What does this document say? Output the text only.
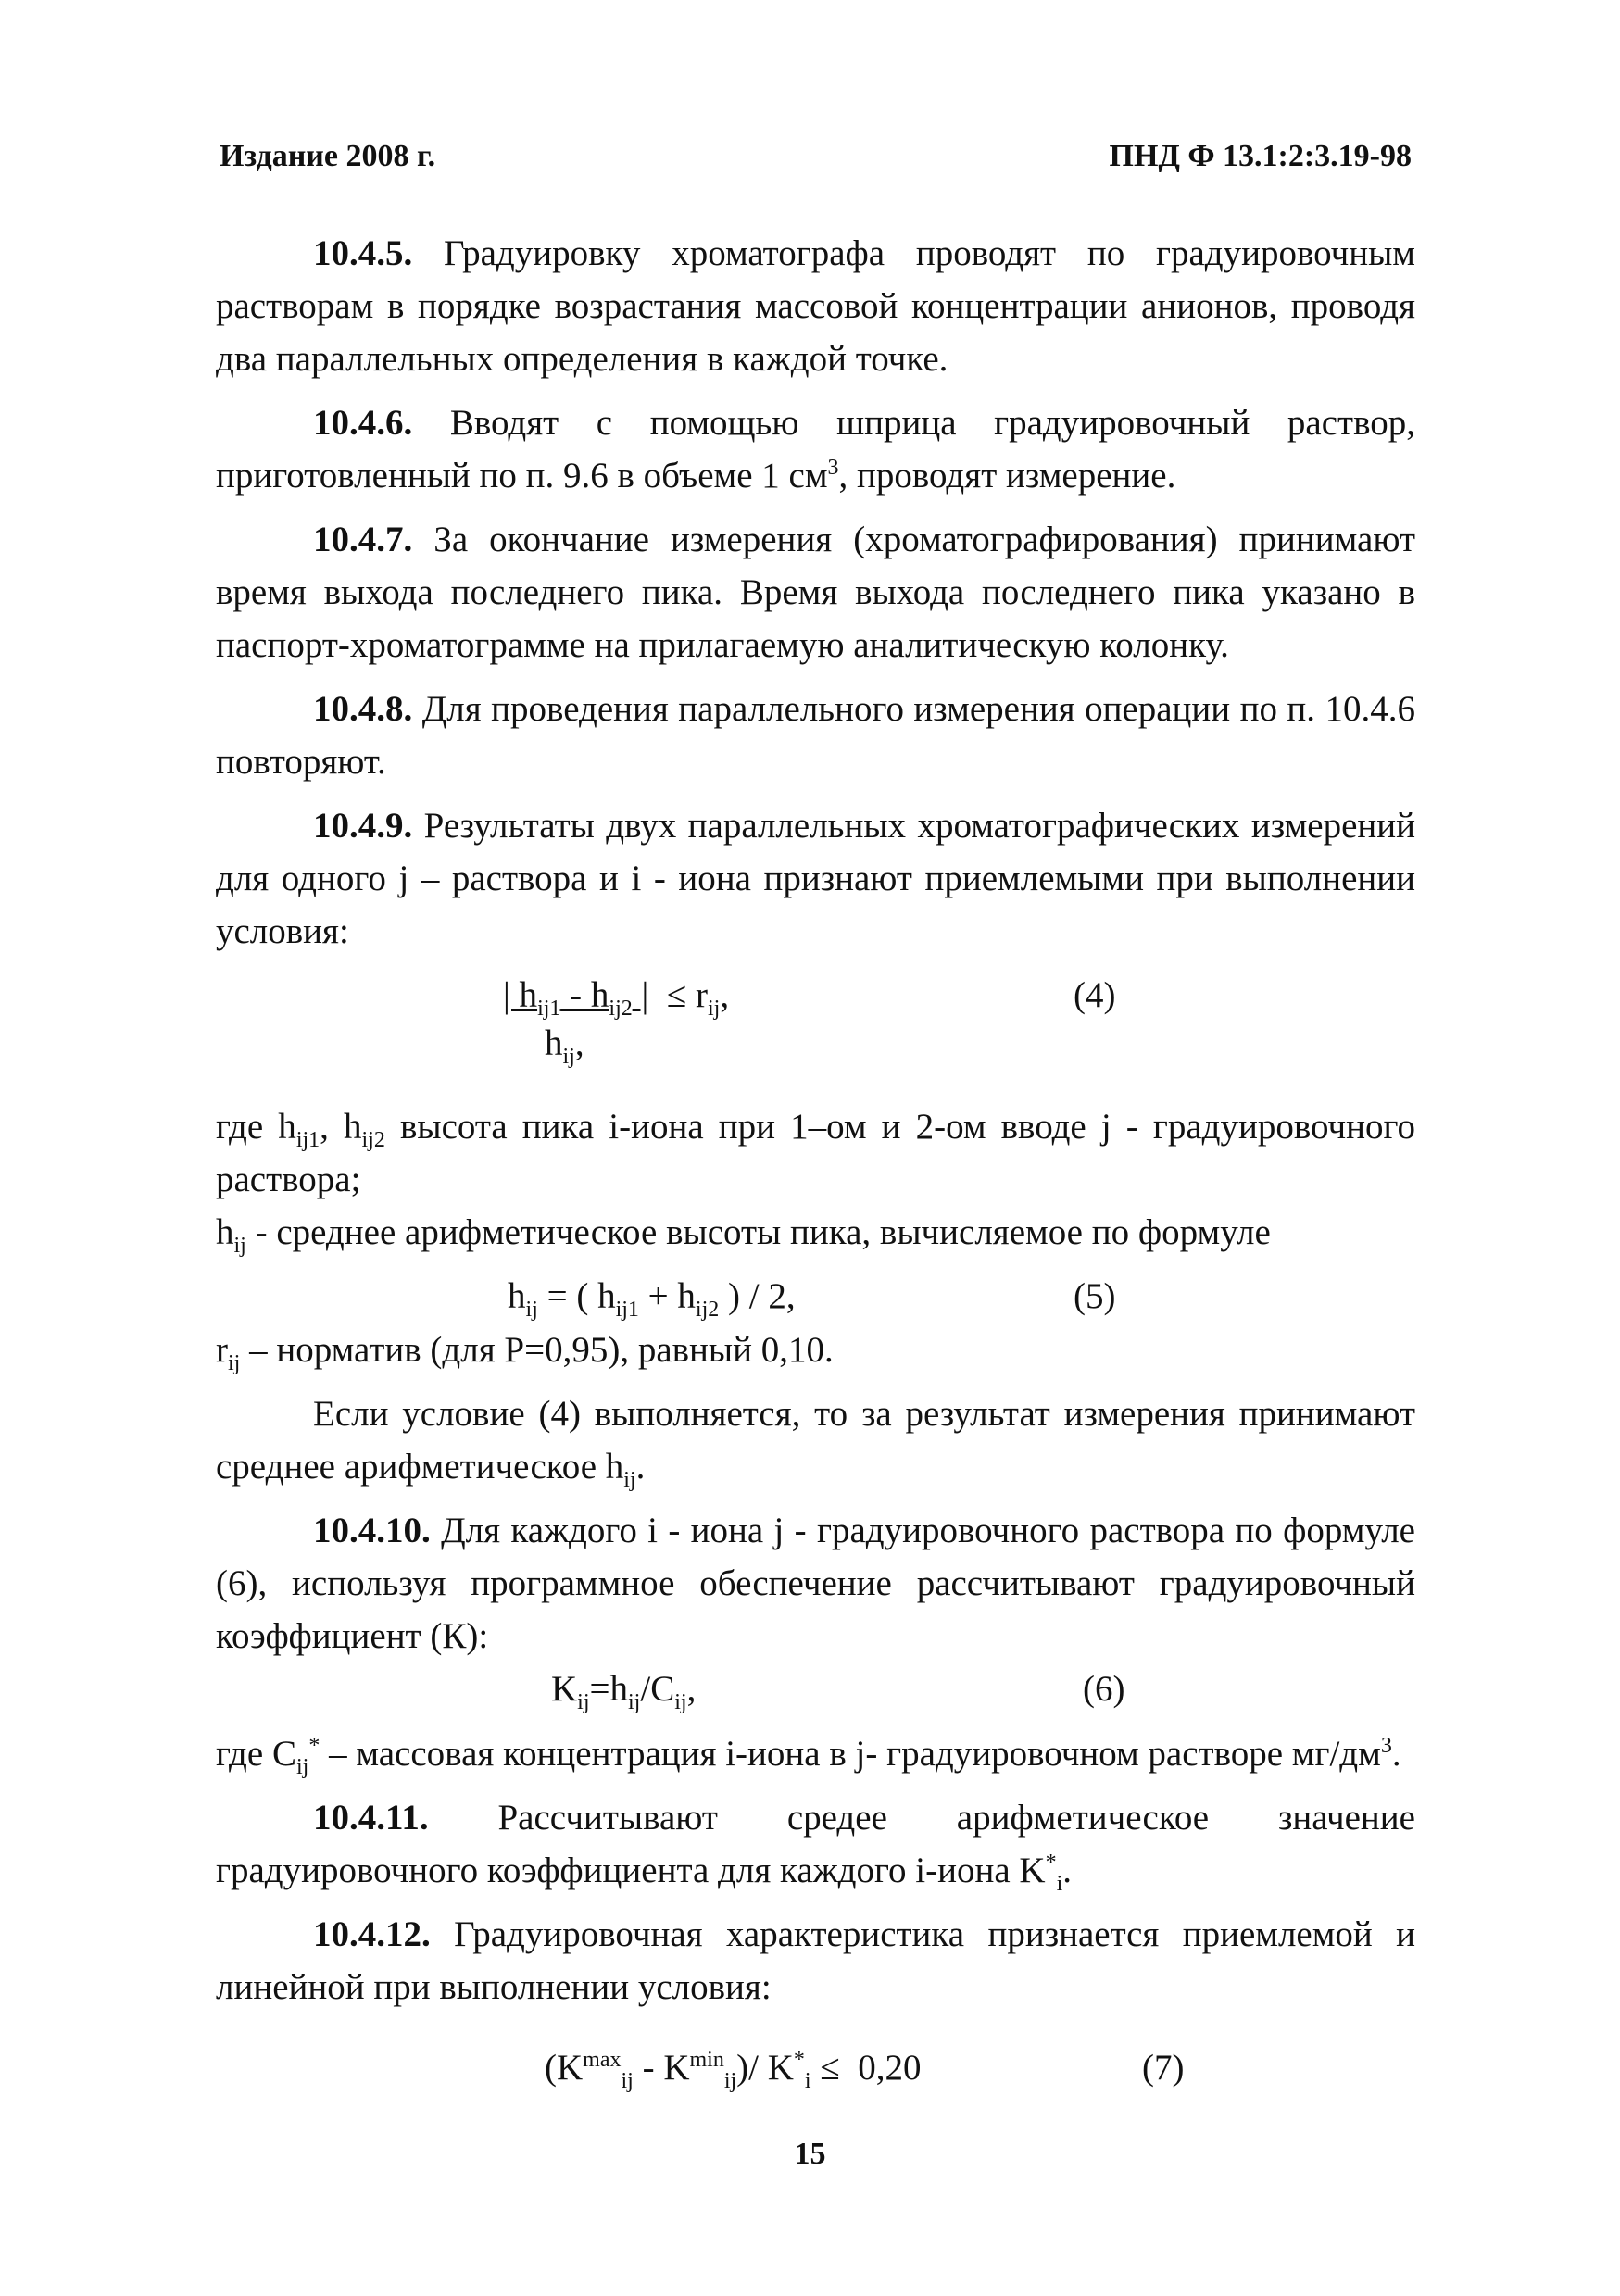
Издание 2008 г.	ПНД Ф 13.1:2:3.19-98

10.4.5. Градуировку хроматографа проводят по градуировочным растворам в порядке возрастания массовой концентрации анионов, проводя два параллельных определения в каждой точке.

10.4.6. Вводят с помощью шприца градуировочный раствор, приготовленный по п. 9.6 в объеме 1 $см^3$, проводят измерение.

10.4.7. За окончание измерения (хроматографирования) принимают время выхода последнего пика. Время выхода последнего пика указано в паспорт-хроматограмме на прилагаемую аналитическую колонку.

10.4.8. Для проведения параллельного измерения операции по п. 10.4.6 повторяют.

10.4.9. Результаты двух параллельных хроматографических измерений для одного j – раствора и i - иона признают приемлемыми при выполнении условия:

| $h_{ij1} - h_{ij2}$ |  ≤ $r_{ij}$,
$h_{ij}$,
(4)

где $h_{ij1}$, $h_{ij2}$ высота пика i-иона при 1–ом и 2-ом вводе j - градуировочного раствора;

$h_{ij}$ - среднее арифметическое высоты пика, вычисляемое по формуле

$h_{ij}$ = ( $h_{ij1} + h_{ij2}$ ) / 2,	(5)

$r_{ij}$ – норматив (для P=0,95), равный 0,10.

Если условие (4) выполняется, то за результат измерения принимают среднее арифметическое $h_{ij}$.

10.4.10. Для каждого i - иона j - градуировочного раствора по формуле (6), используя программное обеспечение рассчитывают градуировочный коэффициент (К):

$K_{ij}=h_{ij}/C_{ij}$,	(6)

где $C_{ij}^*$ – массовая концентрация i-иона в j- градуировочном растворе $мг/дм^3$.

10.4.11. Рассчитывают средее арифметическое значение градуировочного коэффициента для каждого i-иона $K^*_i$.

10.4.12. Градуировочная характеристика признается приемлемой и линейной при выполнении условия:

$(K^{max}_{ij} - K^{min}_{ij})/$ $K^*_i \le 0,20$	(7)
15
